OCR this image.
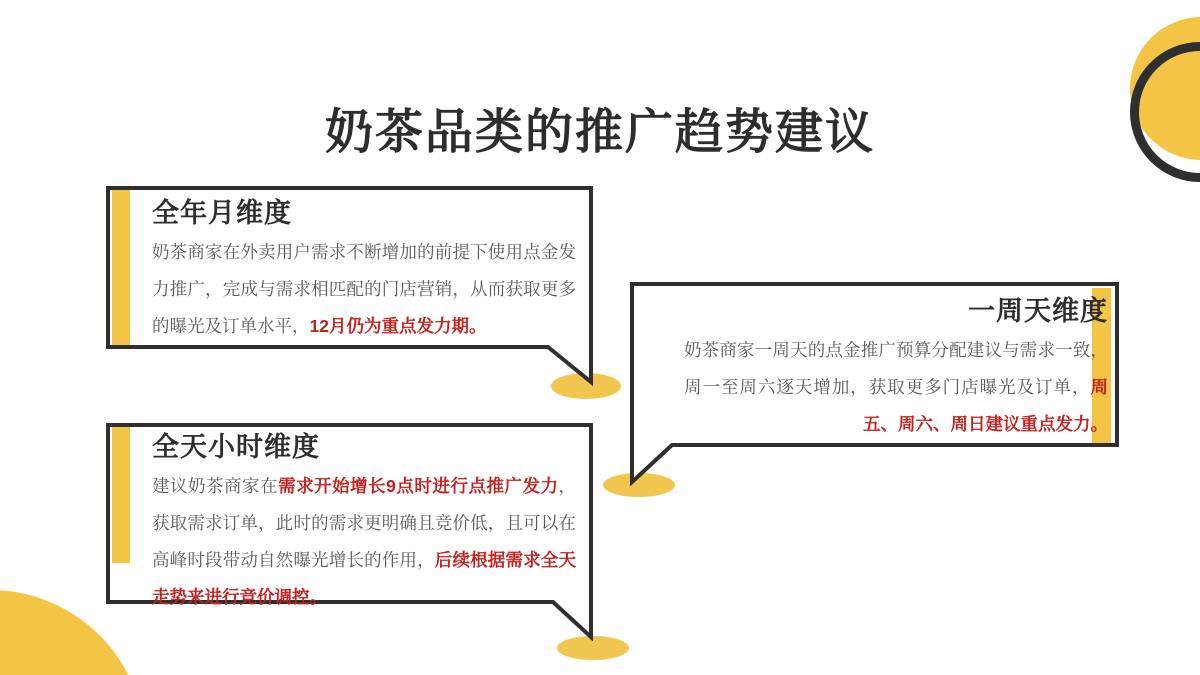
奶茶品类的推广趋势建议
全年月维度

奶茶商家在外卖用户需求不断增加的前提下使用点金发力推广，完成与需求相匹配的门店营销，从而获取更多的曝光及订单水平，12月仍为重点发力期。	一周天维度

奶茶商家一周天的点金推广预算分配建议与需求一致，周一至周六逐天增加，获取更多门店曝光及订单，周五、周六、周日建议重点发力。

全天小时维度

建议奶茶商家在需求开始增长9点时进行点推广发力，获取需求订单，此时的需求更明确且竞价低，且可以在高峰时段带动自然曝光增长的作用，后续根据需求全天走势来进行竞价调控。
